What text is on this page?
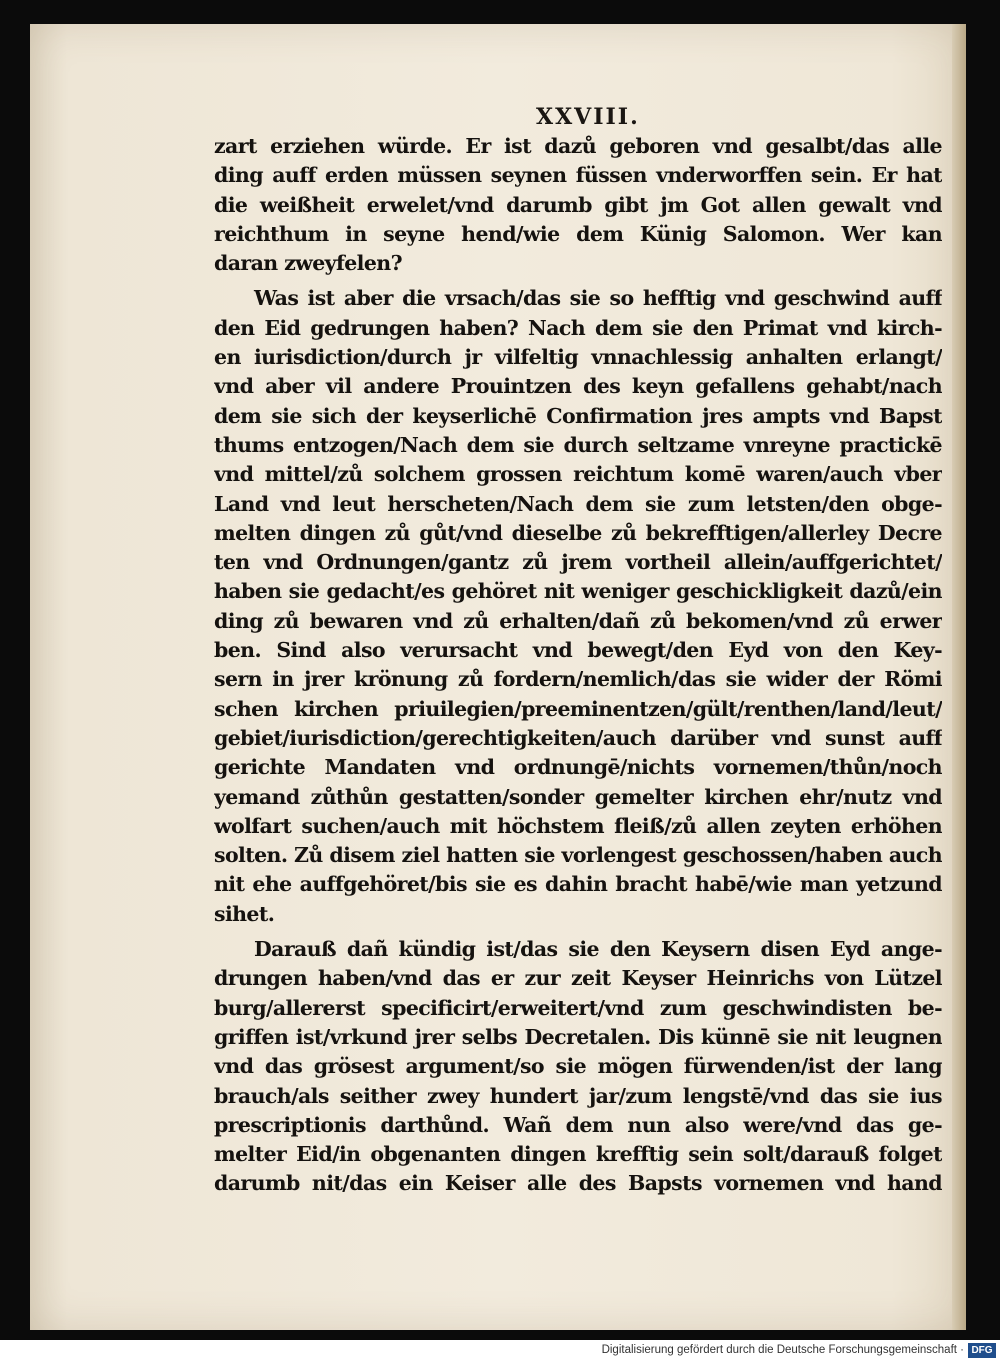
XXVIII.

zart erziehen würde. Er ist dazů geboren vnd gesalbt/das alle
ding auff erden müssen seynen füssen vnderworffen sein. Er hat
die weißheit erwelet/vnd darumb gibt jm Got allen gewalt vnd
reichthum in seyne hend/wie dem Künig Salomon. Wer kan
daran zweyfelen?
Was ist aber die vrsach/das sie so hefftig vnd geschwind auff
den Eid gedrungen haben? Nach dem sie den Primat vnd kirch-
en iurisdiction/durch jr vilfeltig vnnachlessig anhalten erlangt/
vnd aber vil andere Prouintzen des keyn gefallens gehabt/nach
dem sie sich der keyserlichē Confirmation jres ampts vnd Bapst
thums entzogen/Nach dem sie durch seltzame vnreyne practickē
vnd mittel/zů solchem grossen reichtum komē waren/auch vber
Land vnd leut herscheten/Nach dem sie zum letsten/den obge-
melten dingen zů gůt/vnd dieselbe zů bekrefftigen/allerley Decre
ten vnd Ordnungen/gantz zů jrem vortheil allein/auffgerichtet/
haben sie gedacht/es gehöret nit weniger geschickligkeit dazů/ein
ding zů bewaren vnd zů erhalten/dañ zů bekomen/vnd zů erwer
ben. Sind also verursacht vnd bewegt/den Eyd von den Key-
sern in jrer krönung zů fordern/nemlich/das sie wider der Römi
schen kirchen priuilegien/preeminentzen/gült/renthen/land/leut/
gebiet/iurisdiction/gerechtigkeiten/auch darüber vnd sunst auff
gerichte Mandaten vnd ordnungē/nichts vornemen/thůn/noch
yemand zůthůn gestatten/sonder gemelter kirchen ehr/nutz vnd
wolfart suchen/auch mit höchstem fleiß/zů allen zeyten erhöhen
solten. Zů disem ziel hatten sie vorlengest geschossen/haben auch
nit ehe auffgehöret/bis sie es dahin bracht habē/wie man yetzund
sihet.
Darauß dañ kündig ist/das sie den Keysern disen Eyd ange-
drungen haben/vnd das er zur zeit Keyser Heinrichs von Lützel
burg/allererst specificirt/erweitert/vnd zum geschwindisten be-
griffen ist/vrkund jrer selbs Decretalen. Dis künnē sie nit leugnen
vnd das grösest argument/so sie mögen fürwenden/ist der lang
brauch/als seither zwey hundert jar/zum lengstē/vnd das sie ius
prescriptionis darthůnd. Wañ dem nun also were/vnd das ge-
melter Eid/in obgenanten dingen krefftig sein solt/darauß folget
darumb nit/das ein Keiser alle des Bapsts vornemen vnd hand

Digitalisierung gefördert durch die Deutsche Forschungsgemeinschaft · DFG
